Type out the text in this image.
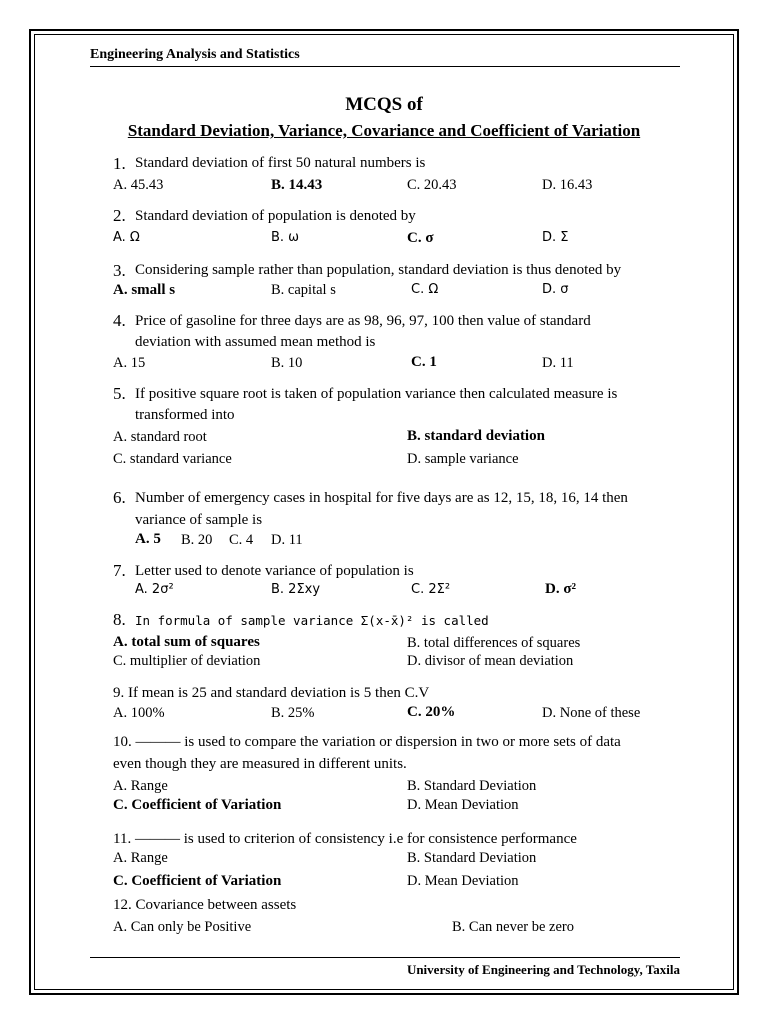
Engineering Analysis and Statistics
MCQS of
Standard Deviation, Variance, Covariance and Coefficient of Variation
1. Standard deviation of first 50 natural numbers is
A. 45.43	B. 14.43	C. 20.43	D. 16.43
2. Standard deviation of population is denoted by
A. Ω	B. ω	C. σ	D. Σ
3. Considering sample rather than population, standard deviation is thus denoted by
A. small s	B. capital s	C. Ω	D. σ
4. Price of gasoline for three days are as 98, 96, 97, 100 then value of standard
deviation with assumed mean method is
A. 15	B. 10	C. 1	D. 11
5. If positive square root is taken of population variance then calculated measure is
transformed into
A. standard root	B. standard deviation
C. standard variance	D. sample variance
6. Number of emergency cases in hospital for five days are as 12, 15, 18, 16, 14 then
variance of sample is
A. 5 B. 20 C. 4 D. 11
7. Letter used to denote variance of population is
A. 2σ²	B. 2Σxy	C. 2Σ²	D. σ²
8. In formula of sample variance Σ(x-x̄)² is called
A. total sum of squares	B. total differences of squares
C. multiplier of deviation	D. divisor of mean deviation
9. If mean is 25 and standard deviation is 5 then C.V
A. 100%	B. 25%	C. 20%	D. None of these
10. ——— is used to compare the variation or dispersion in two or more sets of data
even though they are measured in different units.
A. Range	B. Standard Deviation
C. Coefficient of Variation	D. Mean Deviation
11. ——— is used to criterion of consistency i.e for consistence performance
A. Range	B. Standard Deviation
C. Coefficient of Variation	D. Mean Deviation
12. Covariance between assets
A. Can only be Positive	B. Can never be zero
University of Engineering and Technology, Taxila
